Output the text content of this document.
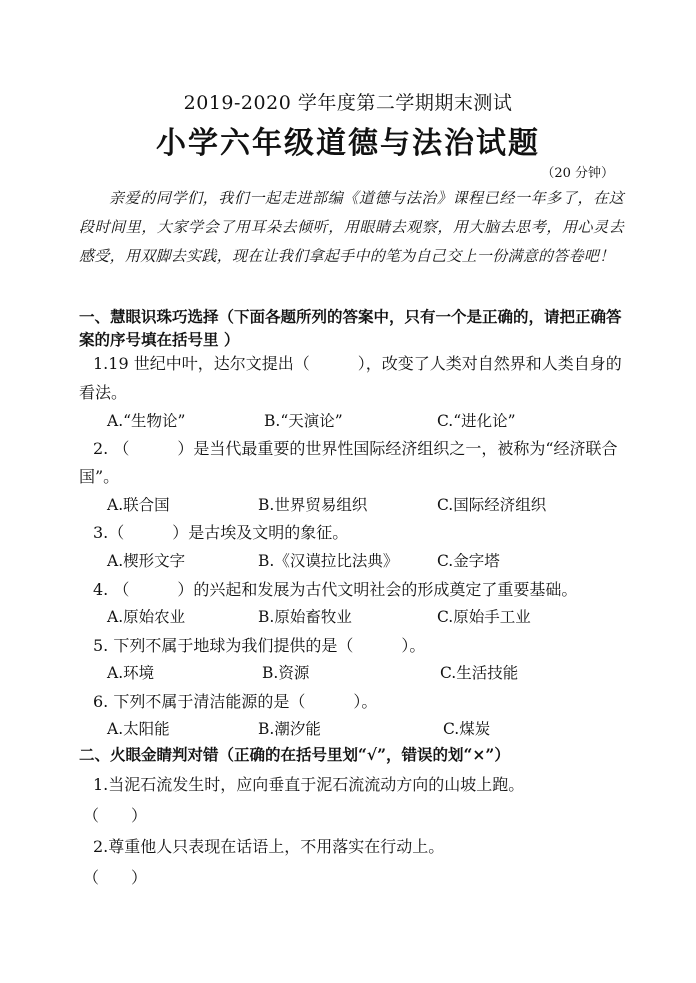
2019-2020 学年度第二学期期末测试
小学六年级道德与法治试题
（20 分钟）
亲爱的同学们，我们一起走进部编《道德与法治》课程已经一年多了，在这段时间里，大家学会了用耳朵去倾听，用眼睛去观察，用大脑去思考，用心灵去感受，用双脚去实践，现在让我们拿起手中的笔为自己交上一份满意的答卷吧！
一、慧眼识珠巧选择（下面各题所列的答案中，只有一个是正确的，请把正确答案的序号填在括号里 ）
1.19 世纪中叶，达尔文提出（　　　），改变了人类对自然界和人类自身的
看法。
A.“生物论”	B.“天演论”	C.“进化论”
2. （　　　）是当代最重要的世界性国际经济组织之一，被称为“经济联合
国”。
A.联合国	B.世界贸易组织	C.国际经济组织
3.（　　　）是古埃及文明的象征。
A.楔形文字	B.《汉谟拉比法典》 C.金字塔
4. （　　　）的兴起和发展为古代文明社会的形成奠定了重要基础。
A.原始农业	B.原始畜牧业	C.原始手工业
5. 下列不属于地球为我们提供的是（　　　）。
A.环境	B.资源	C.生活技能
6. 下列不属于清洁能源的是（　　　）。
A.太阳能	B.潮汐能	C.煤炭
二、火眼金睛判对错（正确的在括号里划“√”，错误的划“×”）
1.当泥石流发生时，应向垂直于泥石流流动方向的山坡上跑。
（　　）
2.尊重他人只表现在话语上，不用落实在行动上。
（　　）
